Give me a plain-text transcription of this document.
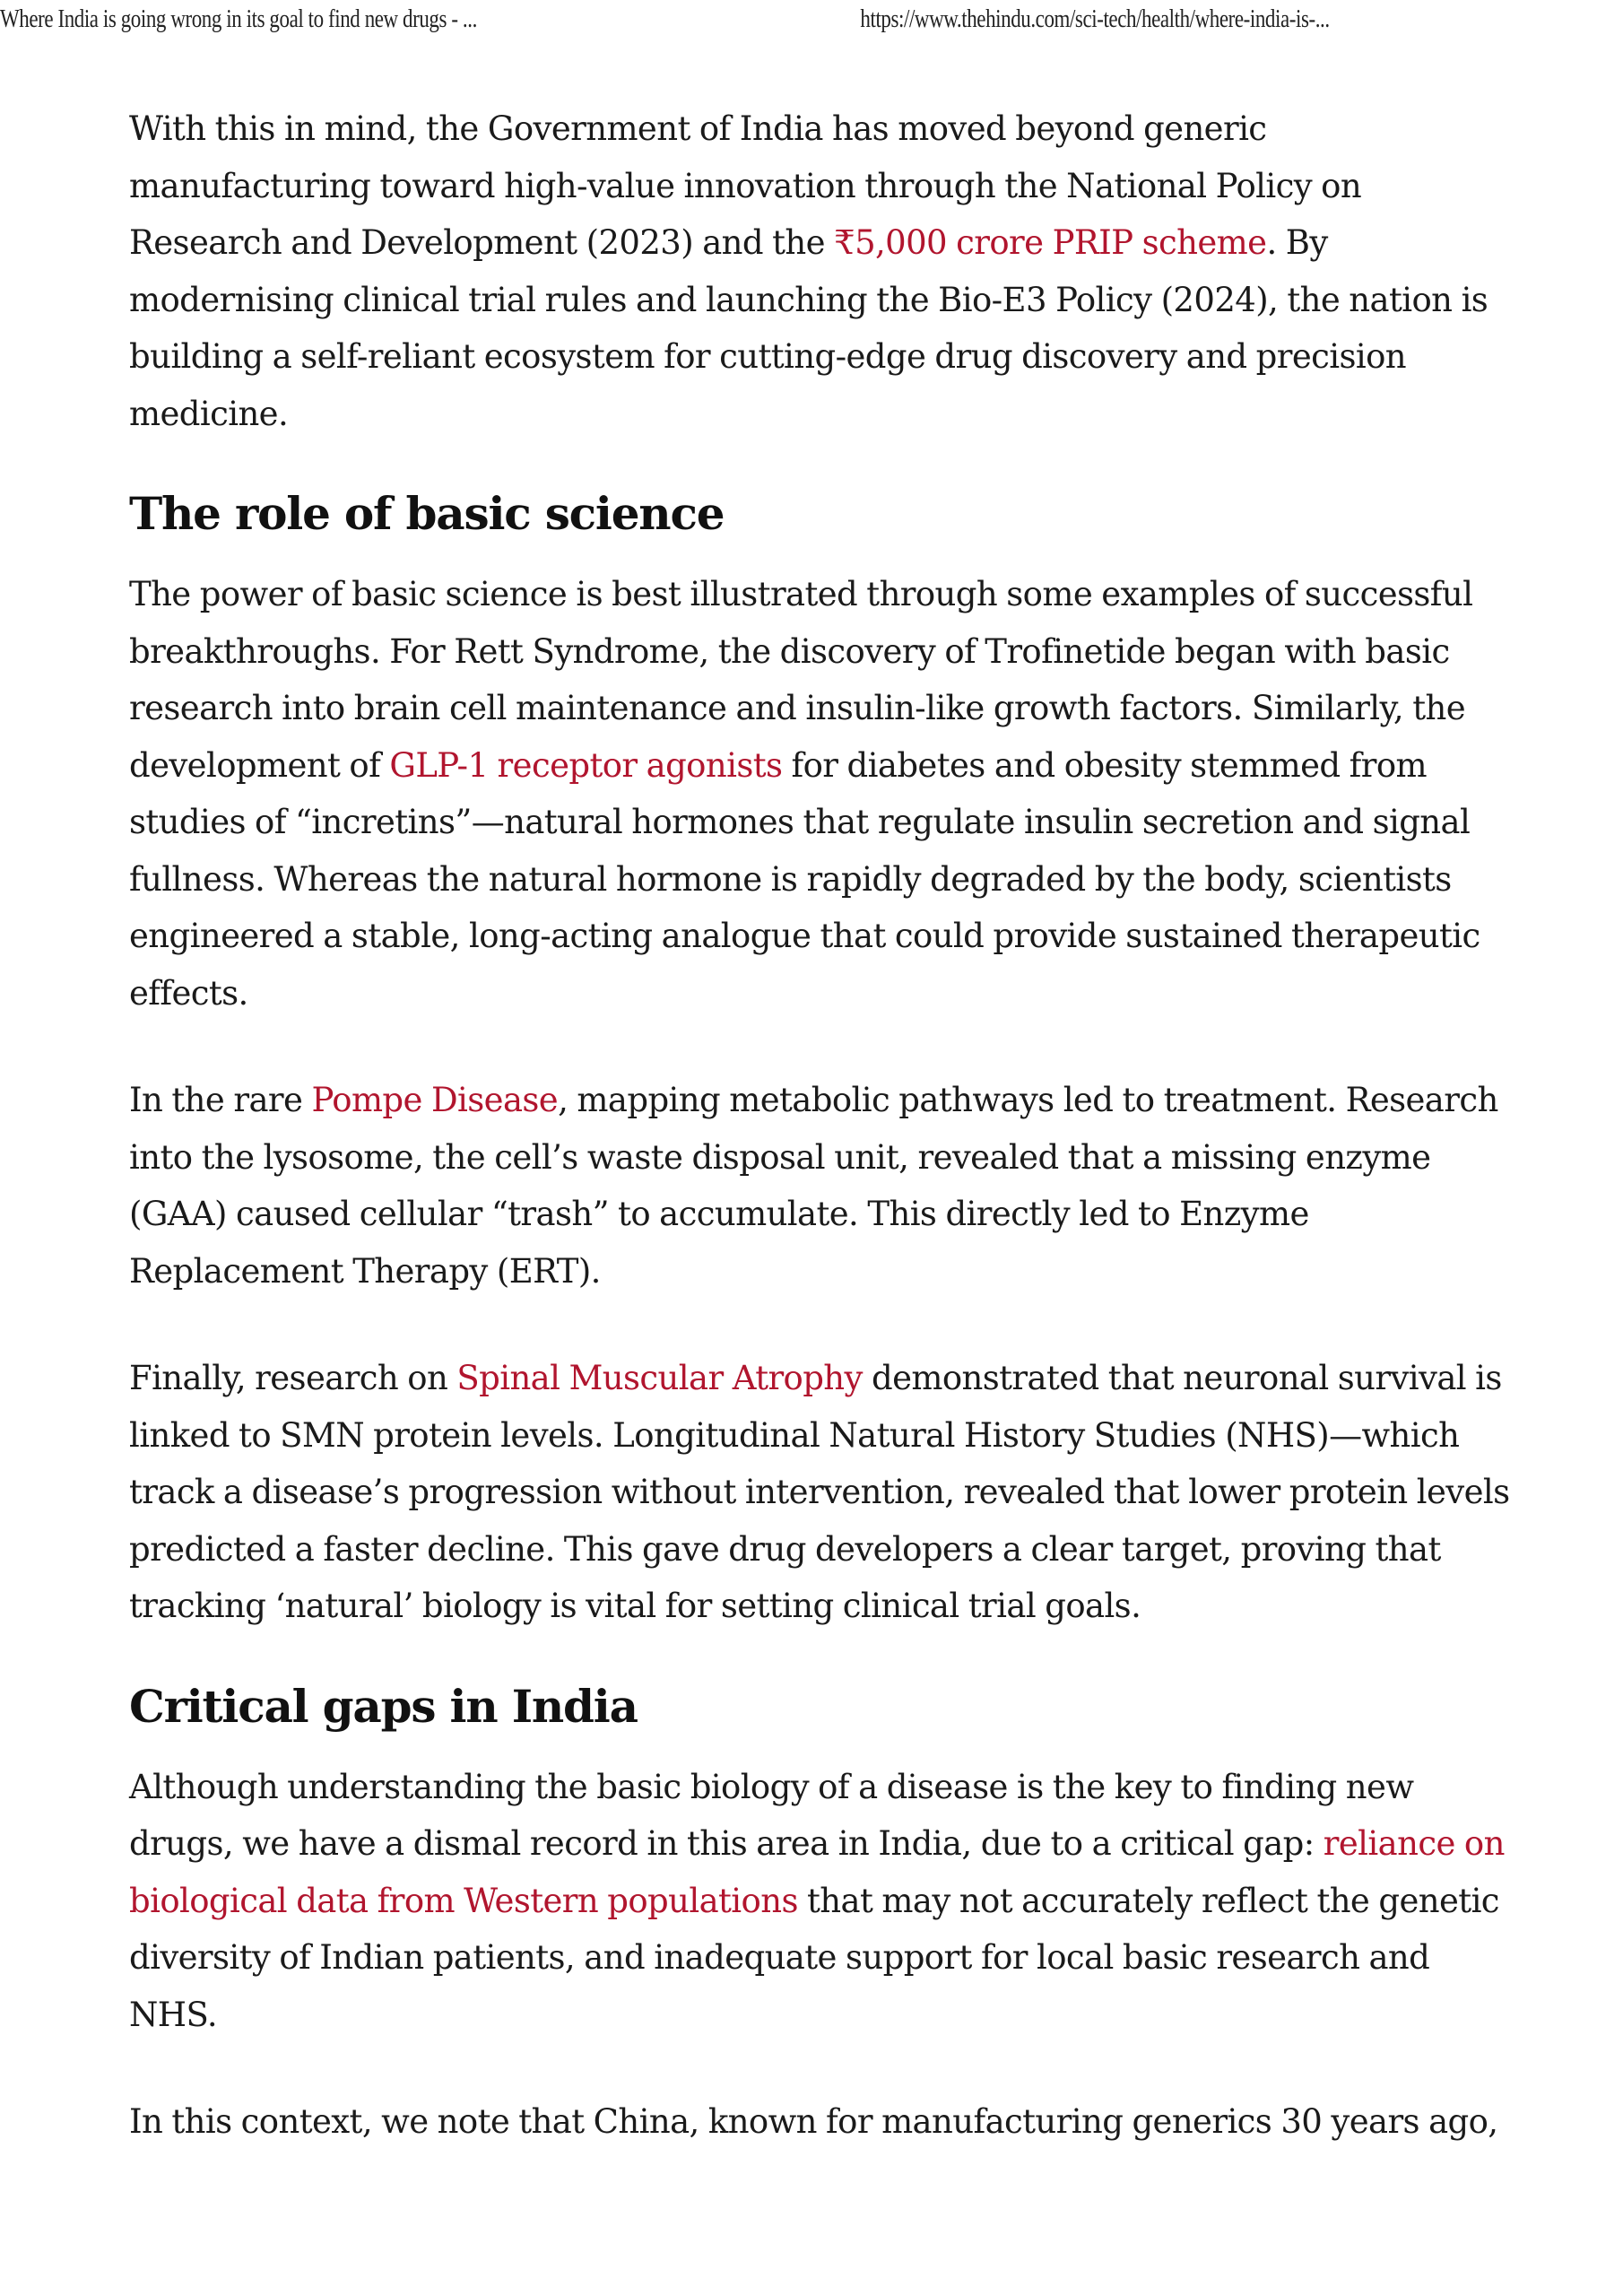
Where India is going wrong in its goal to find new drugs - ...	https://www.thehindu.com/sci-tech/health/where-india-is-...

With this in mind, the Government of India has moved beyond generic manufacturing toward high-value innovation through the National Policy on Research and Development (2023) and the ₹5,000 crore PRIP scheme. By modernising clinical trial rules and launching the Bio-E3 Policy (2024), the nation is building a self-reliant ecosystem for cutting-edge drug discovery and precision medicine.

The role of basic science

The power of basic science is best illustrated through some examples of successful breakthroughs. For Rett Syndrome, the discovery of Trofinetide began with basic research into brain cell maintenance and insulin-like growth factors. Similarly, the development of GLP-1 receptor agonists for diabetes and obesity stemmed from studies of “incretins”—natural hormones that regulate insulin secretion and signal fullness. Whereas the natural hormone is rapidly degraded by the body, scientists engineered a stable, long-acting analogue that could provide sustained therapeutic effects.

In the rare Pompe Disease, mapping metabolic pathways led to treatment. Research into the lysosome, the cell’s waste disposal unit, revealed that a missing enzyme (GAA) caused cellular “trash” to accumulate. This directly led to Enzyme Replacement Therapy (ERT).

Finally, research on Spinal Muscular Atrophy demonstrated that neuronal survival is linked to SMN protein levels. Longitudinal Natural History Studies (NHS)—which track a disease’s progression without intervention, revealed that lower protein levels predicted a faster decline. This gave drug developers a clear target, proving that tracking ‘natural’ biology is vital for setting clinical trial goals.

Critical gaps in India

Although understanding the basic biology of a disease is the key to finding new drugs, we have a dismal record in this area in India, due to a critical gap: reliance on biological data from Western populations that may not accurately reflect the genetic diversity of Indian patients, and inadequate support for local basic research and NHS.

In this context, we note that China, known for manufacturing generics 30 years ago,
